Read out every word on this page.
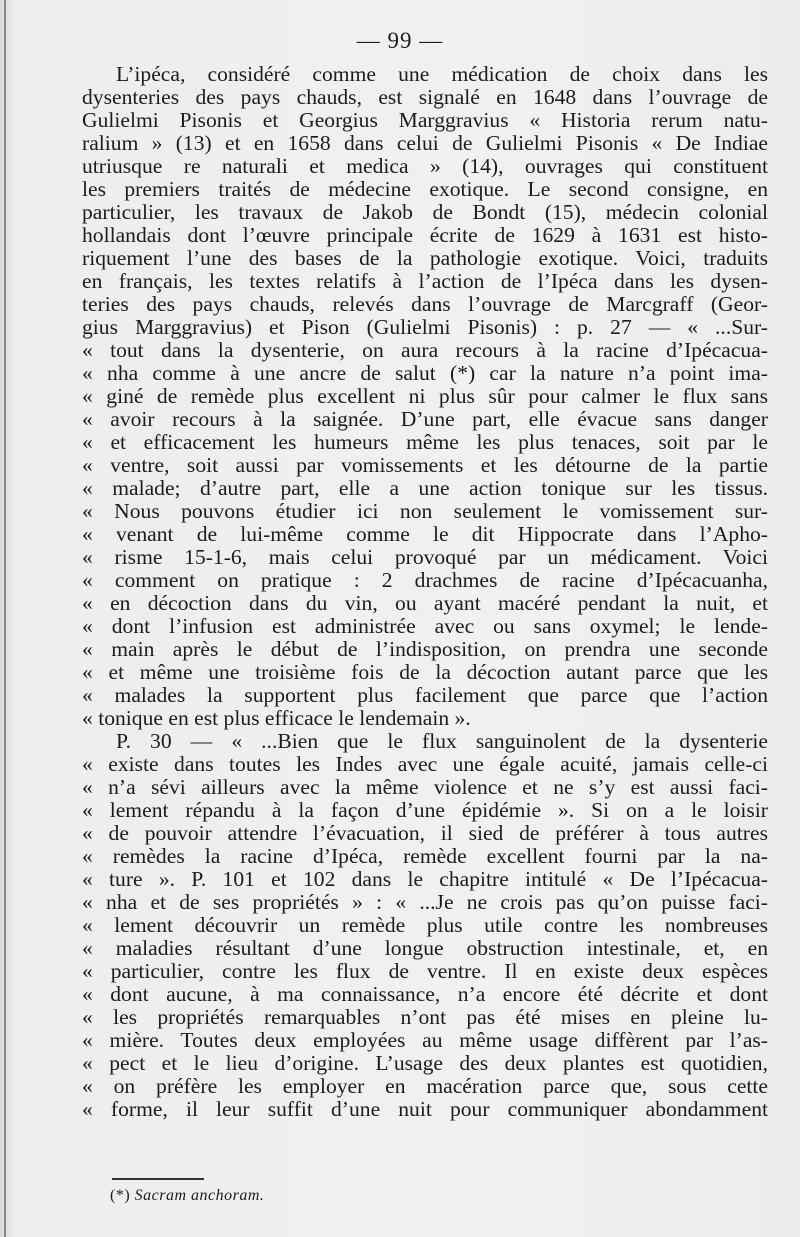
— 99 —
L’ipéca, considéré comme une médication de choix dans les
dysenteries des pays chauds, est signalé en 1648 dans l’ouvrage de
Gulielmi Pisonis et Georgius Marggravius « Historia rerum natu-
ralium » (13) et en 1658 dans celui de Gulielmi Pisonis « De Indiae
utriusque re naturali et medica » (14), ouvrages qui constituent
les premiers traités de médecine exotique. Le second consigne, en
particulier, les travaux de Jakob de Bondt (15), médecin colonial
hollandais dont l’œuvre principale écrite de 1629 à 1631 est histo-
riquement l’une des bases de la pathologie exotique. Voici, traduits
en français, les textes relatifs à l’action de l’Ipéca dans les dysen-
teries des pays chauds, relevés dans l’ouvrage de Marcgraff (Geor-
gius Marggravius) et Pison (Gulielmi Pisonis) : p. 27 — « ...Sur-
« tout dans la dysenterie, on aura recours à la racine d’Ipécacua-
« nha comme à une ancre de salut (*) car la nature n’a point ima-
« giné de remède plus excellent ni plus sûr pour calmer le flux sans
« avoir recours à la saignée. D’une part, elle évacue sans danger
« et efficacement les humeurs même les plus tenaces, soit par le
« ventre, soit aussi par vomissements et les détourne de la partie
« malade; d’autre part, elle a une action tonique sur les tissus.
« Nous pouvons étudier ici non seulement le vomissement sur-
« venant de lui-même comme le dit Hippocrate dans l’Apho-
« risme 15-1-6, mais celui provoqué par un médicament. Voici
« comment on pratique : 2 drachmes de racine d’Ipécacuanha,
« en décoction dans du vin, ou ayant macéré pendant la nuit, et
« dont l’infusion est administrée avec ou sans oxymel; le lende-
« main après le début de l’indisposition, on prendra une seconde
« et même une troisième fois de la décoction autant parce que les
« malades la supportent plus facilement que parce que l’action
« tonique en est plus efficace le lendemain ».
P. 30 — « ...Bien que le flux sanguinolent de la dysenterie
« existe dans toutes les Indes avec une égale acuité, jamais celle-ci
« n’a sévi ailleurs avec la même violence et ne s’y est aussi faci-
« lement répandu à la façon d’une épidémie ». Si on a le loisir
« de pouvoir attendre l’évacuation, il sied de préférer à tous autres
« remèdes la racine d’Ipéca, remède excellent fourni par la na-
« ture ». P. 101 et 102 dans le chapitre intitulé « De l’Ipécacua-
« nha et de ses propriétés » : « ...Je ne crois pas qu’on puisse faci-
« lement découvrir un remède plus utile contre les nombreuses
« maladies résultant d’une longue obstruction intestinale, et, en
« particulier, contre les flux de ventre. Il en existe deux espèces
« dont aucune, à ma connaissance, n’a encore été décrite et dont
« les propriétés remarquables n’ont pas été mises en pleine lu-
« mière. Toutes deux employées au même usage diffèrent par l’as-
« pect et le lieu d’origine. L’usage des deux plantes est quotidien,
« on préfère les employer en macération parce que, sous cette
« forme, il leur suffit d’une nuit pour communiquer abondamment
(*) Sacram anchoram.
